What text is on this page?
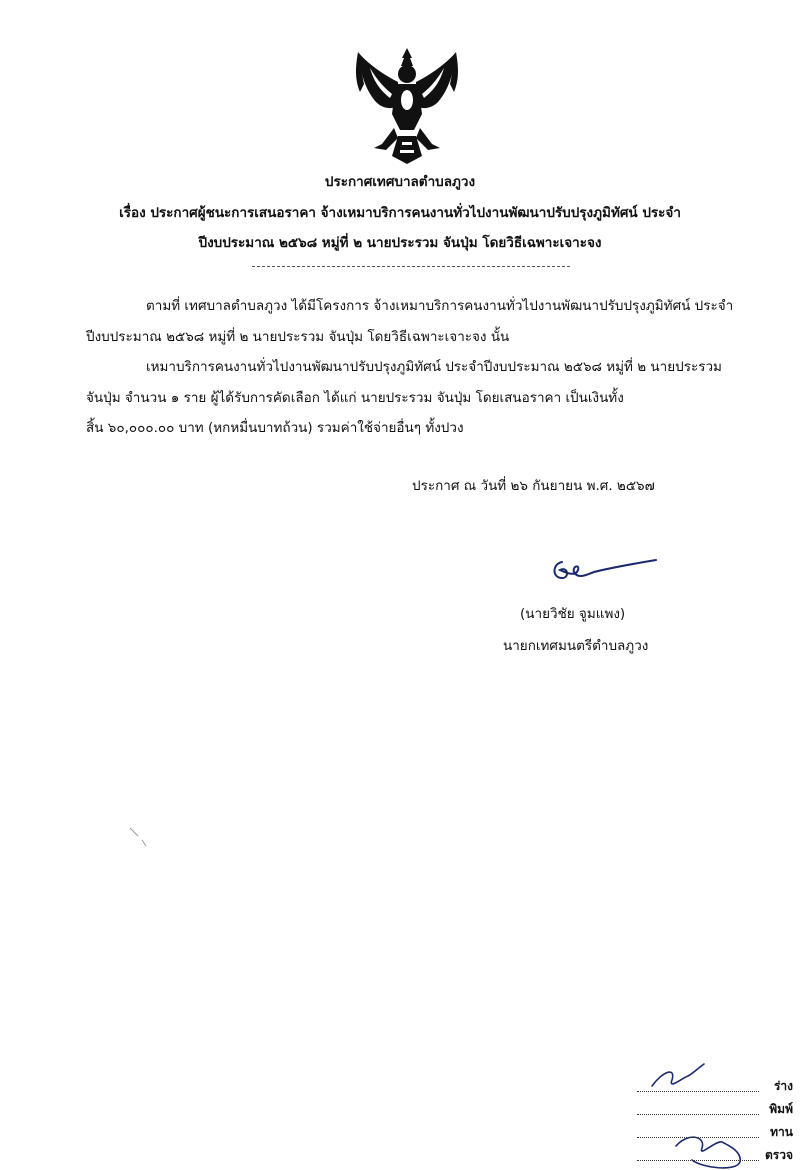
ประกาศเทศบาลตำบลภูวง
เรื่อง ประกาศผู้ชนะการเสนอราคา จ้างเหมาบริการคนงานทั่วไปงานพัฒนาปรับปรุงภูมิทัศน์ ประจำ
ปีงบประมาณ ๒๕๖๘ หมู่ที่ ๒ นายประรวม จันปุ่ม โดยวิธีเฉพาะเจาะจง
ตามที่ เทศบาลตำบลภูวง ได้มีโครงการ จ้างเหมาบริการคนงานทั่วไปงานพัฒนาปรับปรุงภูมิทัศน์ ประจำ
ปีงบประมาณ ๒๕๖๘ หมู่ที่ ๒ นายประรวม จันปุ่ม โดยวิธีเฉพาะเจาะจง นั้น
เหมาบริการคนงานทั่วไปงานพัฒนาปรับปรุงภูมิทัศน์ ประจำปีงบประมาณ ๒๕๖๘ หมู่ที่ ๒ นายประรวม
จันปุ่ม จำนวน ๑ ราย ผู้ได้รับการคัดเลือก ได้แก่ นายประรวม จันปุ่ม โดยเสนอราคา เป็นเงินทั้ง
สิ้น ๖๐,๐๐๐.๐๐ บาท (หกหมื่นบาทถ้วน) รวมค่าใช้จ่ายอื่นๆ ทั้งปวง
ประกาศ ณ วันที่ ๒๖ กันยายน พ.ศ. ๒๕๖๗
(นายวิชัย จูมแพง)
นายกเทศมนตรีตำบลภูวง
ร่าง
พิมพ์
ทาน
ตรวจ
